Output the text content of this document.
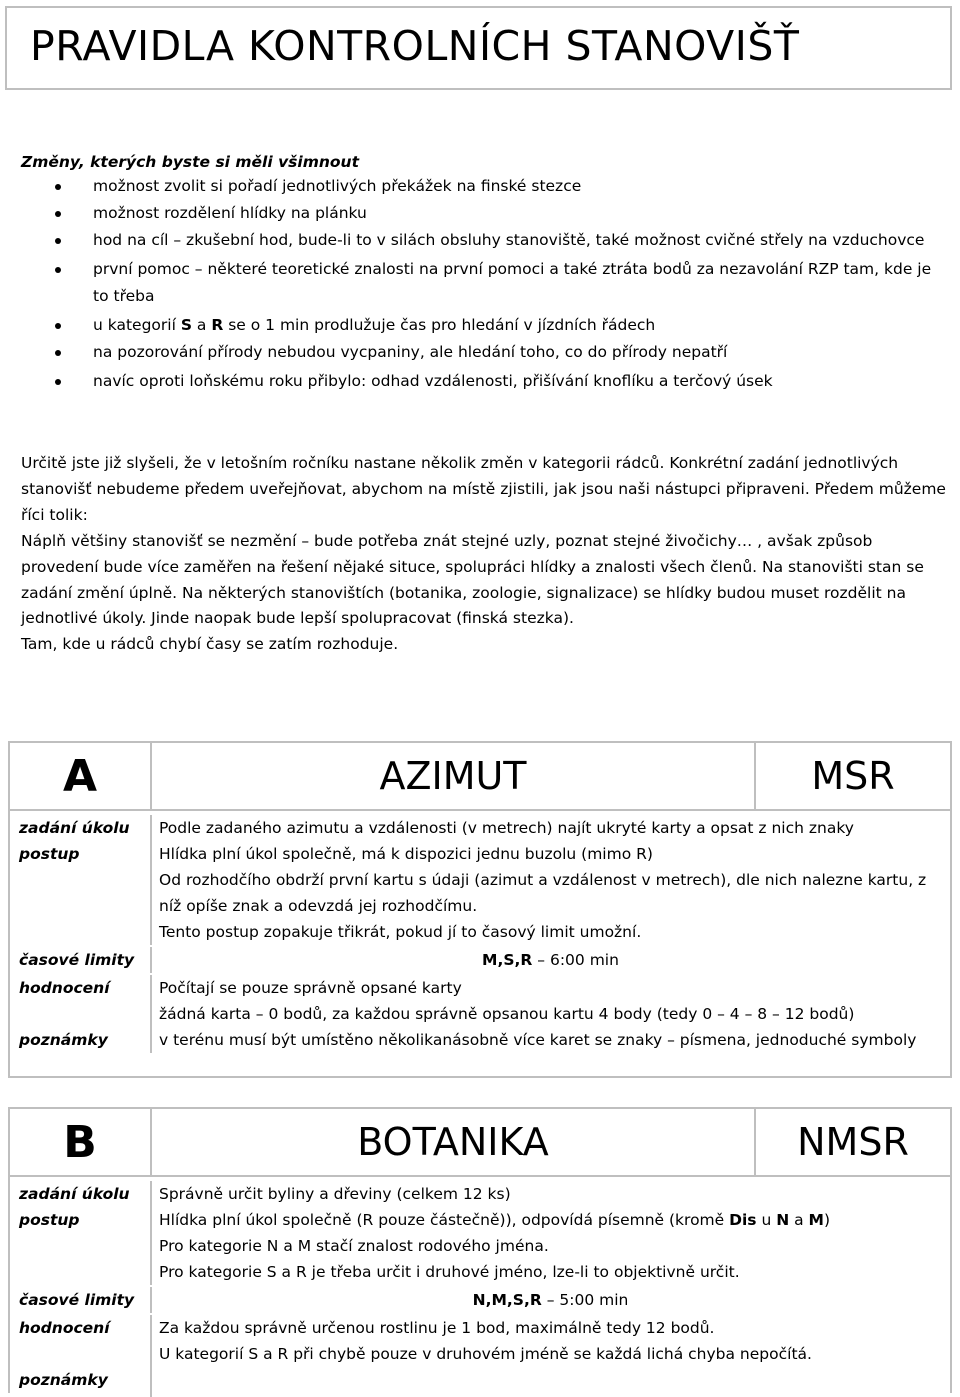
PRAVIDLA KONTROLNÍCH STANOVIŠŤ
Změny, kterých byste si měli všimnout
možnost zvolit si pořadí jednotlivých překážek na finské stezce
možnost rozdělení hlídky na plánku
hod na cíl – zkušební hod, bude-li to v silách obsluhy stanoviště, také možnost cvičné střely na vzduchovce
první pomoc – některé teoretické znalosti na první pomoci a také ztráta bodů za nezavolání RZP tam, kde je to třeba
u kategorií S a R se o 1 min prodlužuje čas pro hledání v jízdních řádech
na pozorování přírody nebudou vycpaniny, ale hledání toho, co do přírody nepatří
navíc oproti loňskému roku přibylo: odhad vzdálenosti, přišívání knoflíku a terčový úsek

Určitě jste již slyšeli, že v letošním ročníku nastane několik změn v kategorii rádců. Konkrétní zadání jednotlivých stanovišť nebudeme předem uveřejňovat, abychom na místě zjistili, jak jsou naši nástupci připraveni. Předem můžeme říci tolik:

Náplň většiny stanovišť se nezmění – bude potřeba znát stejné uzly, poznat stejné živočichy… , avšak způsob provedení bude více zaměřen na řešení nějaké situce, spolupráci hlídky a znalosti všech členů. Na stanovišti stan se zadání změní úplně. Na některých stanovištích (botanika, zoologie, signalizace) se hlídky budou muset rozdělit na jednotlivé úkoly. Jinde naopak bude lepší spolupracovat (finská stezka).

Tam, kde u rádců chybí časy se zatím rozhoduje.

A	AZIMUT	MSR
zadání úkolu	Podle zadaného azimutu a vzdálenosti (v metrech) najít ukryté karty a opsat z nich znaky
postup	Hlídka plní úkol společně, má k dispozici jednu buzolu (mimo R)
Od rozhodčího obdrží první kartu s údaji (azimut a vzdálenost v metrech), dle nich nalezne kartu, z níž opíše znak a odevzdá jej rozhodčímu.
Tento postup zopakuje třikrát, pokud jí to časový limit umožní.
časové limity	M,S,R – 6:00 min
hodnocení	Počítají se pouze správně opsané karty
žádná karta – 0 bodů, za každou správně opsanou kartu 4 body (tedy 0 – 4 – 8 – 12 bodů)
poznámky	v terénu musí být umístěno několikanásobně více karet se znaky – písmena, jednoduché symboly
B	BOTANIKA	NMSR
zadání úkolu	Správně určit byliny a dřeviny (celkem 12 ks)
postup	Hlídka plní úkol společně (R pouze částečně)), odpovídá písemně (kromě Dis u N a M)
Pro kategorie N a M stačí znalost rodového jména.
Pro kategorie S a R je třeba určit i druhové jméno, lze-li to objektivně určit.
časové limity	N,M,S,R – 5:00 min
hodnocení	Za každou správně určenou rostlinu je 1 bod, maximálně tedy 12 bodů.
U kategorií S a R při chybě pouze v druhovém jméně se každá lichá chyba nepočítá.
poznámky
